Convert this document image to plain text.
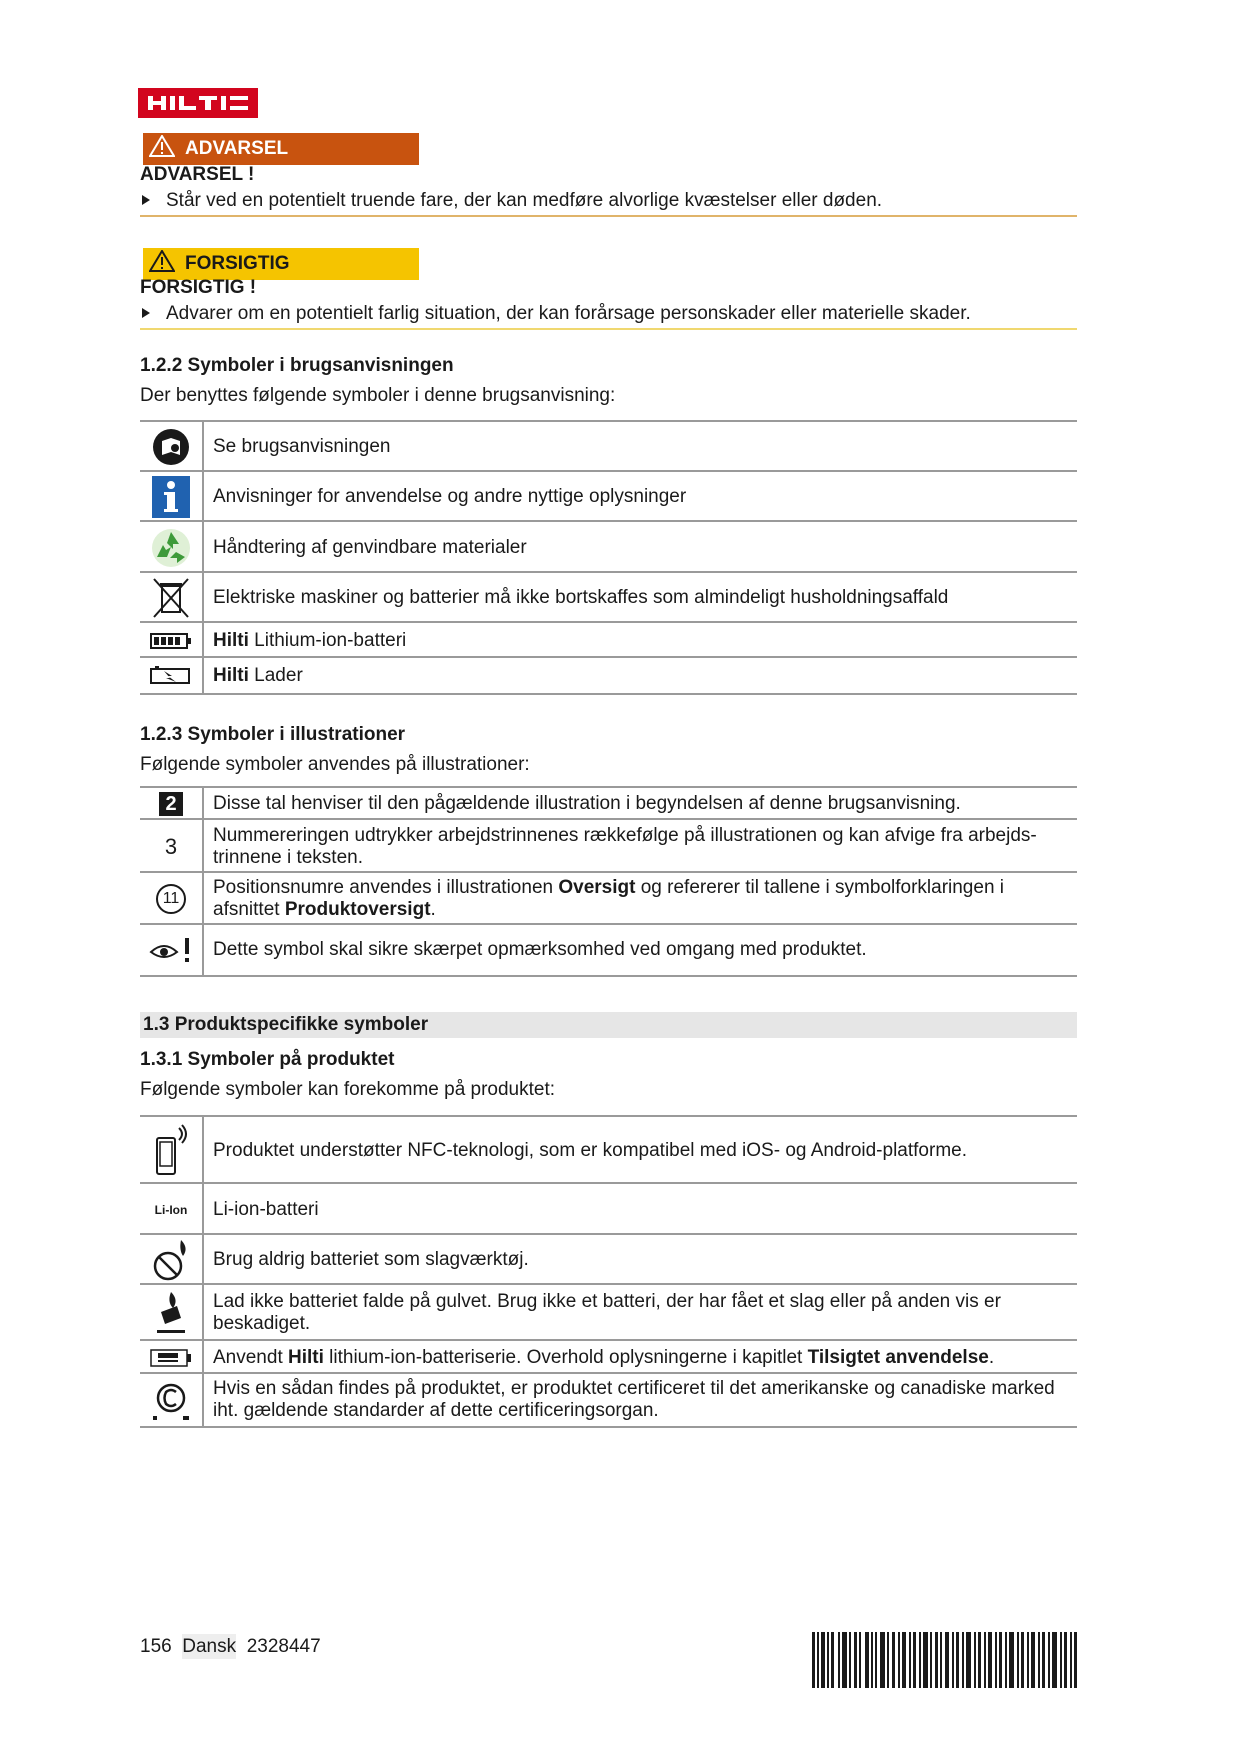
ADVARSEL
ADVARSEL !
Står ved en potentielt truende fare, der kan medføre alvorlige kvæstelser eller døden.
FORSIGTIG
FORSIGTIG !
Advarer om en potentielt farlig situation, der kan forårsage personskader eller materielle skader.
1.2.2 Symboler i brugsanvisningen
Der benyttes følgende symboler i denne brugsanvisning:
Se brugsanvisningen
Anvisninger for anvendelse og andre nyttige oplysninger
Håndtering af genvindbare materialer
Elektriske maskiner og batterier må ikke bortskaffes som almindeligt husholdningsaffald
Hilti
Lithium-ion-batteri
Hilti
Lader
1.2.3 Symboler i illustrationer
Følgende symboler anvendes på illustrationer:
2	Disse tal henviser til den pågældende illustration i begyndelsen af denne brugsanvisning.
3 Nummereringen udtrykker arbejdstrinnenes rækkefølge på illustrationen og kan afvige fra arbejds-trinnene i teksten.
11
Positionsnumre anvendes i illustrationen Oversigt og refererer til tallene i symbolforklaringen i afsnittet Produktoversigt.
Dette symbol skal sikre skærpet opmærksomhed ved omgang med produktet.
1.3 Produktspecifikke symboler
1.3.1 Symboler på produktet
Følgende symboler kan forekomme på produktet:
Produktet understøtter NFC-teknologi, som er kompatibel med iOS- og Android-platforme.
Li-Ion Li-ion-batteri
Brug aldrig batteriet som slagværktøj.
Lad ikke batteriet falde på gulvet. Brug ikke et batteri, der har fået et slag eller på anden vis er beskadiget.
Anvendt Hilti lithium-ion-batteriserie. Overhold oplysningerne i kapitlet Tilsigtet anvendelse.
Hvis en sådan findes på produktet, er produktet certificeret til det amerikanske og canadiske marked iht. gældende standarder af dette certificeringsorgan.
156 Dansk 2328447
